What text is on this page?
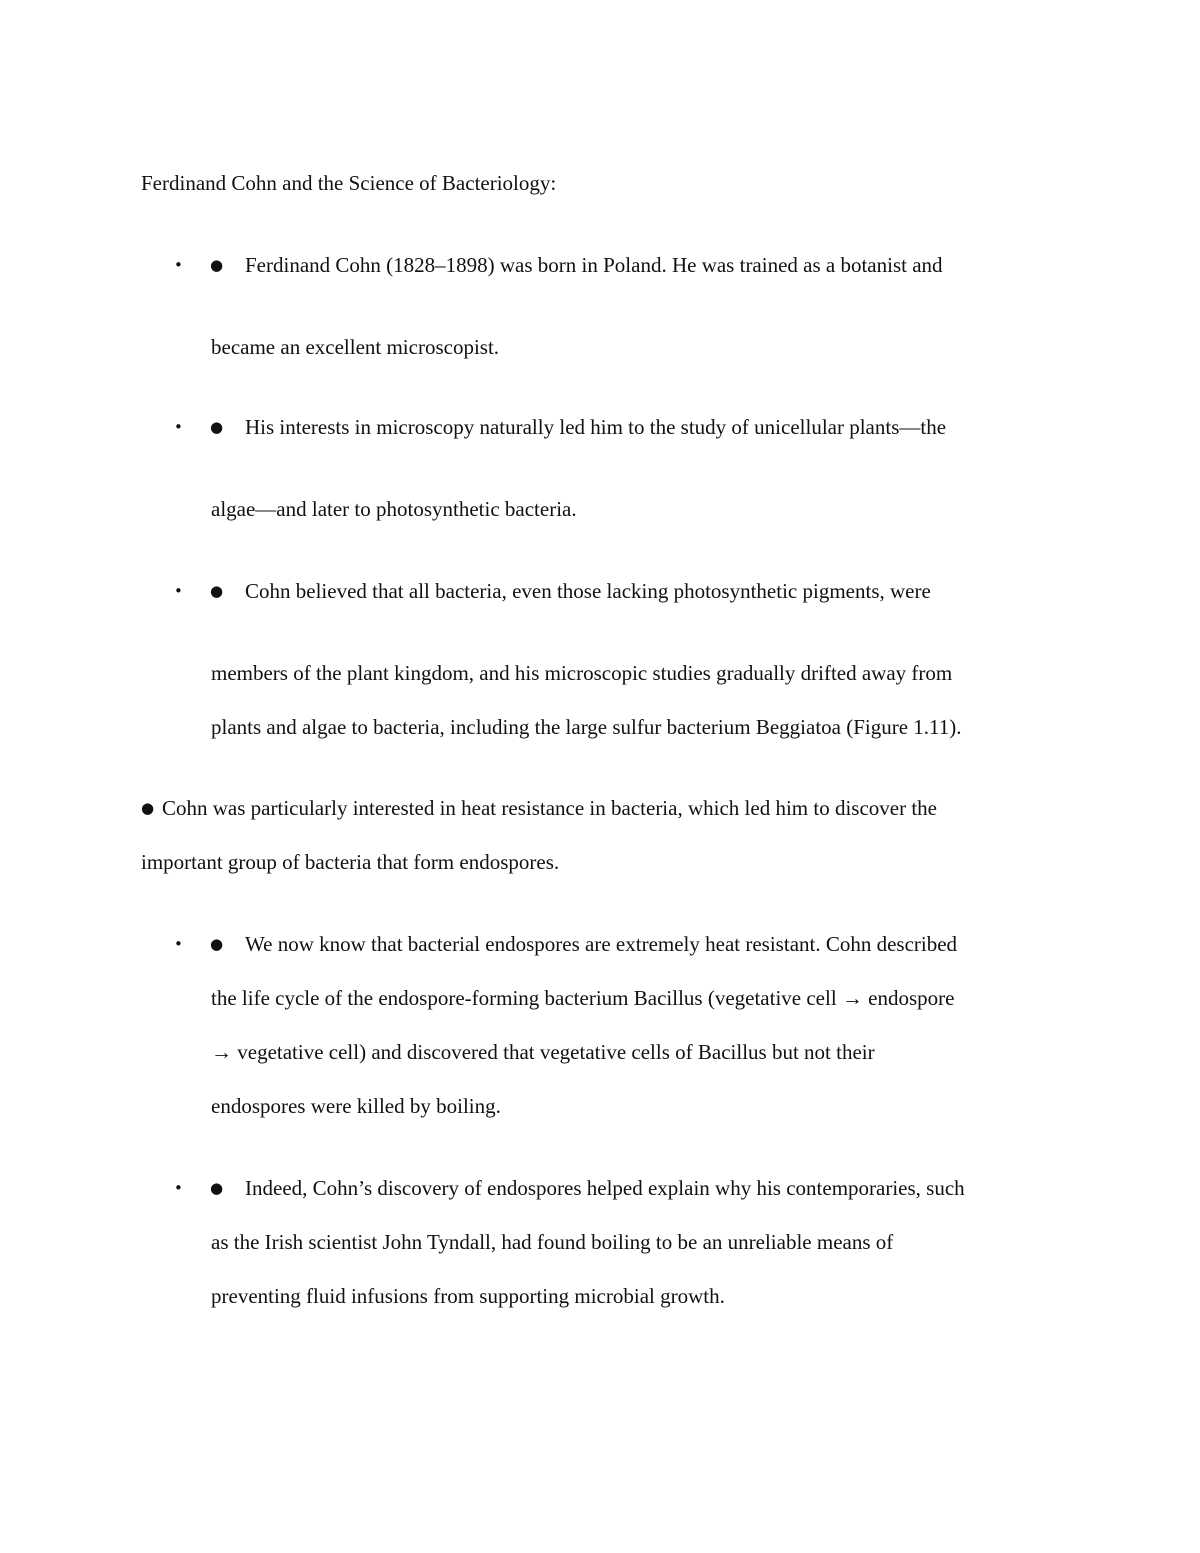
Ferdinand Cohn and the Science of Bacteriology:
• ● Ferdinand Cohn (1828–1898) was born in Poland. He was trained as a botanist and
became an excellent microscopist.
• ● His interests in microscopy naturally led him to the study of unicellular plants—the
algae—and later to photosynthetic bacteria.
• ● Cohn believed that all bacteria, even those lacking photosynthetic pigments, were
members of the plant kingdom, and his microscopic studies gradually drifted away from
plants and algae to bacteria, including the large sulfur bacterium Beggiatoa (Figure 1.11).
● Cohn was particularly interested in heat resistance in bacteria, which led him to discover the
important group of bacteria that form endospores.
• ● We now know that bacterial endospores are extremely heat resistant. Cohn described
the life cycle of the endospore-forming bacterium Bacillus (vegetative cell → endospore
→ vegetative cell) and discovered that vegetative cells of Bacillus but not their
endospores were killed by boiling.
• ● Indeed, Cohn’s discovery of endospores helped explain why his contemporaries, such
as the Irish scientist John Tyndall, had found boiling to be an unreliable means of
preventing fluid infusions from supporting microbial growth.
